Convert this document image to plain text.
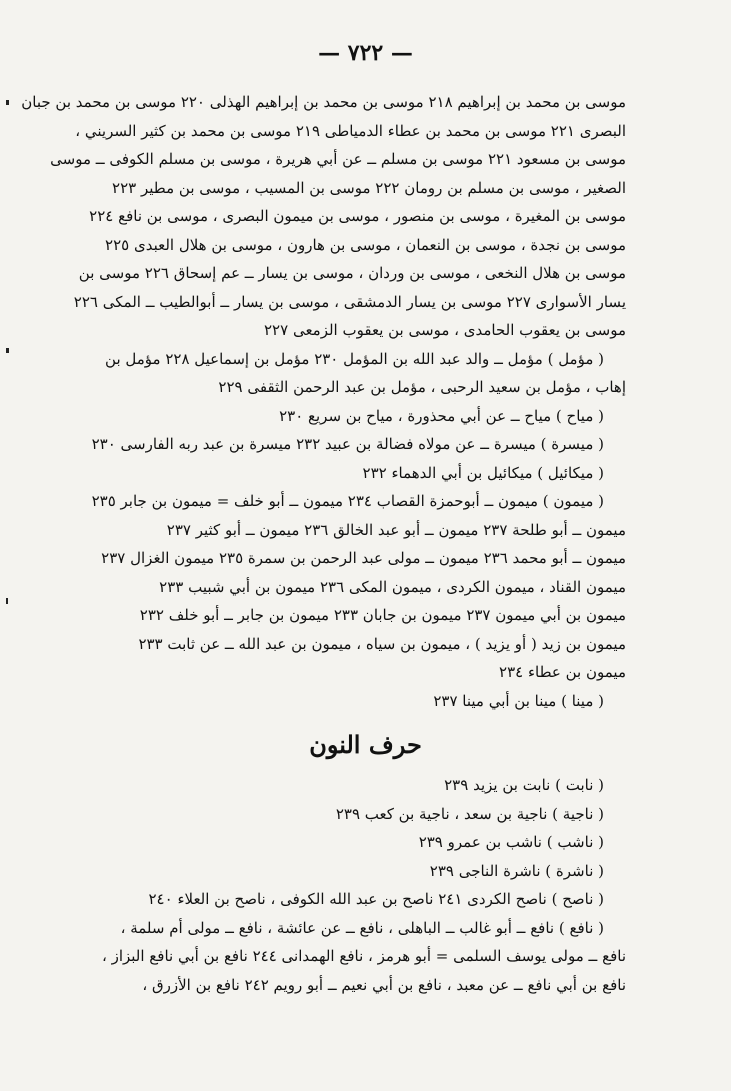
— ٧٢٢ —
موسى بن محمد بن إبراهيم ٢١٨ موسى بن محمد بن إبراهيم الهذلى ٢٢٠ موسى بن محمد بن جبان
البصرى ٢٢١ موسى بن محمد بن عطاء الدمياطى ٢١٩ موسى بن محمد بن كثير السريني ،
موسى بن مسعود ٢٢١ موسى بن مسلم ــ عن أبي هريرة ، موسى بن مسلم الكوفى ــ موسى
الصغير ، موسى بن مسلم بن رومان ٢٢٢ موسى بن المسيب ، موسى بن مطير ٢٢٣
موسى بن المغيرة ، موسى بن منصور ، موسى بن ميمون البصرى ، موسى بن نافع ٢٢٤
موسى بن نجدة ، موسى بن النعمان ، موسى بن هارون ، موسى بن هلال العبدى ٢٢٥
موسى بن هلال النخعى ، موسى بن وردان ، موسى بن يسار ــ عم إسحاق ٢٢٦ موسى بن
يسار الأسوارى ٢٢٧ موسى بن يسار الدمشقى ، موسى بن يسار ــ أبوالطيب ــ المكى ٢٢٦
موسى بن يعقوب الحامدى ، موسى بن يعقوب الزمعى ٢٢٧
( مؤمل ) مؤمل ــ والد عبد الله بن المؤمل ٢٣٠ مؤمل بن إسماعيل ٢٢٨ مؤمل بن
إهاب ، مؤمل بن سعيد الرحبى ، مؤمل بن عبد الرحمن الثقفى ٢٢٩
( مياح ) مياح ــ عن أبي محذورة ، مياح بن سريع ٢٣٠
( ميسرة ) ميسرة ــ عن مولاه فضالة بن عبيد ٢٣٢ ميسرة بن عبد ربه الفارسى ٢٣٠
( ميكائيل ) ميكائيل بن أبي الدهماء ٢٣٢
( ميمون ) ميمون ــ أبوحمزة القصاب ٢٣٤ ميمون ــ أبو خلف = ميمون بن جابر ٢٣٥
ميمون ــ أبو طلحة ٢٣٧ ميمون ــ أبو عبد الخالق ٢٣٦ ميمون ــ أبو كثير ٢٣٧
ميمون ــ أبو محمد ٢٣٦ ميمون ــ مولى عبد الرحمن بن سمرة ٢٣٥ ميمون الغزال ٢٣٧
ميمون القناد ، ميمون الكردى ، ميمون المكى ٢٣٦ ميمون بن أبي شبيب ٢٣٣
ميمون بن أبي ميمون ٢٣٧ ميمون بن جابان ٢٣٣ ميمون بن جابر ــ أبو خلف ٢٣٢
ميمون بن زيد ( أو يزيد ) ، ميمون بن سياه ، ميمون بن عبد الله ــ عن ثابت ٢٣٣
ميمون بن عطاء ٢٣٤
( مينا ) مينا بن أبي مينا ٢٣٧
حرف النون
( نابت ) نابت بن يزيد ٢٣٩
( ناجية ) ناجية بن سعد ، ناجية بن كعب ٢٣٩
( ناشب ) ناشب بن عمرو ٢٣٩
( ناشرة ) ناشرة الناجى ٢٣٩
( ناصح ) ناصح الكردى ٢٤١ ناصح بن عبد الله الكوفى ، ناصح بن العلاء ٢٤٠
( نافع ) نافع ــ أبو غالب ــ الباهلى ، نافع ــ عن عائشة ، نافع ــ مولى أم سلمة ،
نافع ــ مولى يوسف السلمى = أبو هرمز ، نافع الهمدانى ٢٤٤ نافع بن أبي نافع البزاز ،
نافع بن أبي نافع ــ عن معبد ، نافع بن أبي نعيم ــ أبو رويم ٢٤٢ نافع بن الأزرق ،
